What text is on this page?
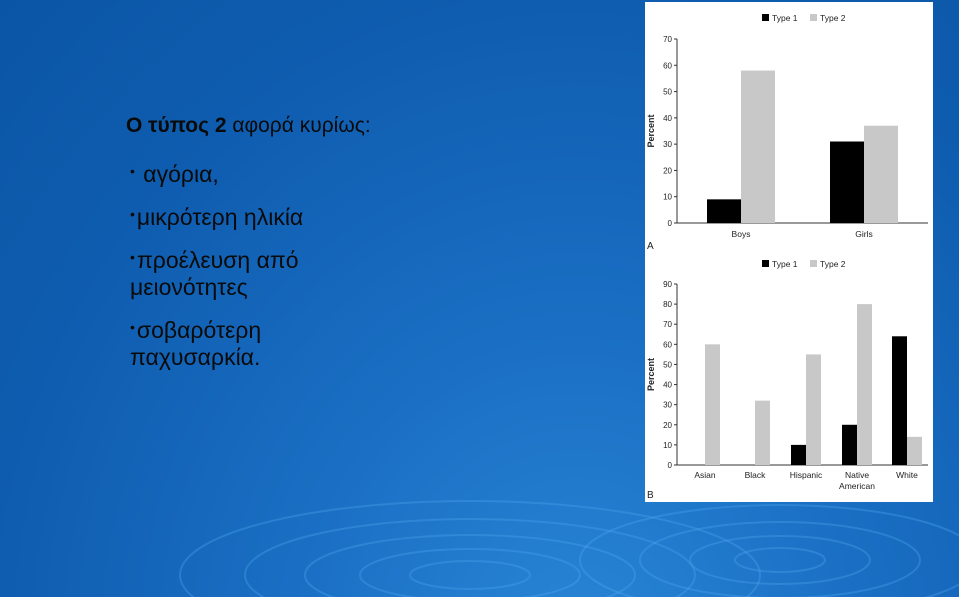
Ο τύπος 2 αφορά κυρίως:
• αγόρια,
•μικρότερη ηλικία
•προέλευση από μειονότητες
•σοβαρότερη παχυσαρκία.
0
10
20
30
40
50
60
70
Percent
Type 1	Type 2
Boys	Girls
A
0
10
20
30
40
50
60
70
80
90
Percent
Type 1	Type 2
Asian	Black	Hispanic	Native
American
White
B
